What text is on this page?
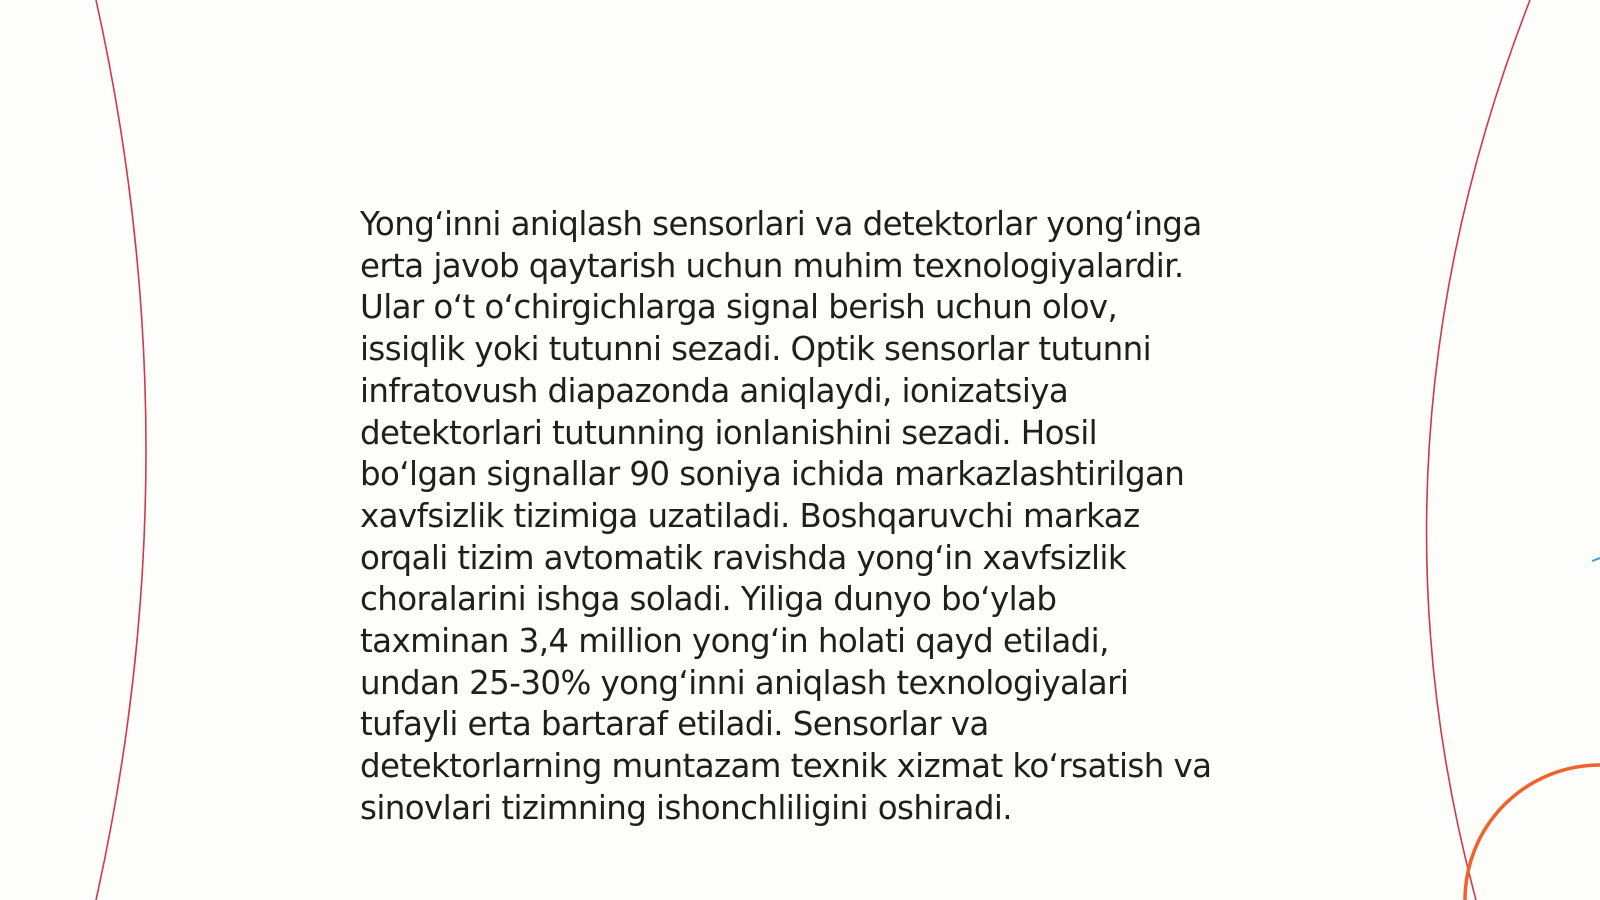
Yong‘inni aniqlash sensorlari va detektorlar yong‘inga
erta javob qaytarish uchun muhim texnologiyalardir.
Ular o‘t o‘chirgichlarga signal berish uchun olov,
issiqlik yoki tutunni sezadi. Optik sensorlar tutunni
infratovush diapazonda aniqlaydi, ionizatsiya
detektorlari tutunning ionlanishini sezadi. Hosil
bo‘lgan signallar 90 soniya ichida markazlashtirilgan
xavfsizlik tizimiga uzatiladi. Boshqaruvchi markaz
orqali tizim avtomatik ravishda yong‘in xavfsizlik
choralarini ishga soladi. Yiliga dunyo bo‘ylab
taxminan 3,4 million yong‘in holati qayd etiladi,
undan 25-30% yong‘inni aniqlash texnologiyalari
tufayli erta bartaraf etiladi. Sensorlar va
detektorlarning muntazam texnik xizmat ko‘rsatish va
sinovlari tizimning ishonchliligini oshiradi.
